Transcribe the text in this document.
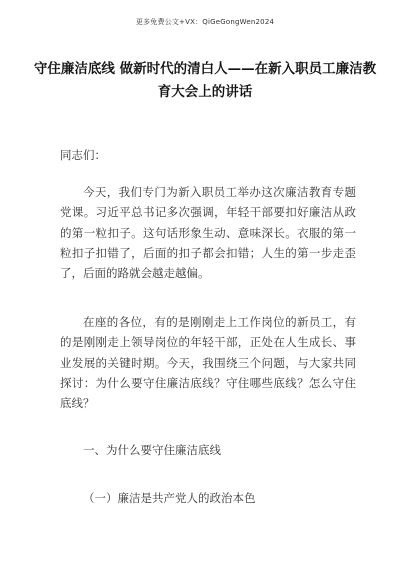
更多免费公文+VX：QiGeGongWen2024
守住廉洁底线 做新时代的清白人——在新入职员工廉洁教育大会上的讲话

同志们：

今天，我们专门为新入职员工举办这次廉洁教育专题党课。习近平总书记多次强调，年轻干部要扣好廉洁从政的第一粒扣子。这句话形象生动、意味深长。衣服的第一粒扣子扣错了，后面的扣子都会扣错；人生的第一步走歪了，后面的路就会越走越偏。

在座的各位，有的是刚刚走上工作岗位的新员工，有的是刚刚走上领导岗位的年轻干部，正处在人生成长、事业发展的关键时期。今天，我围绕三个问题，与大家共同探讨：为什么要守住廉洁底线？守住哪些底线？怎么守住底线？

一、为什么要守住廉洁底线

（一）廉洁是共产党人的政治本色
